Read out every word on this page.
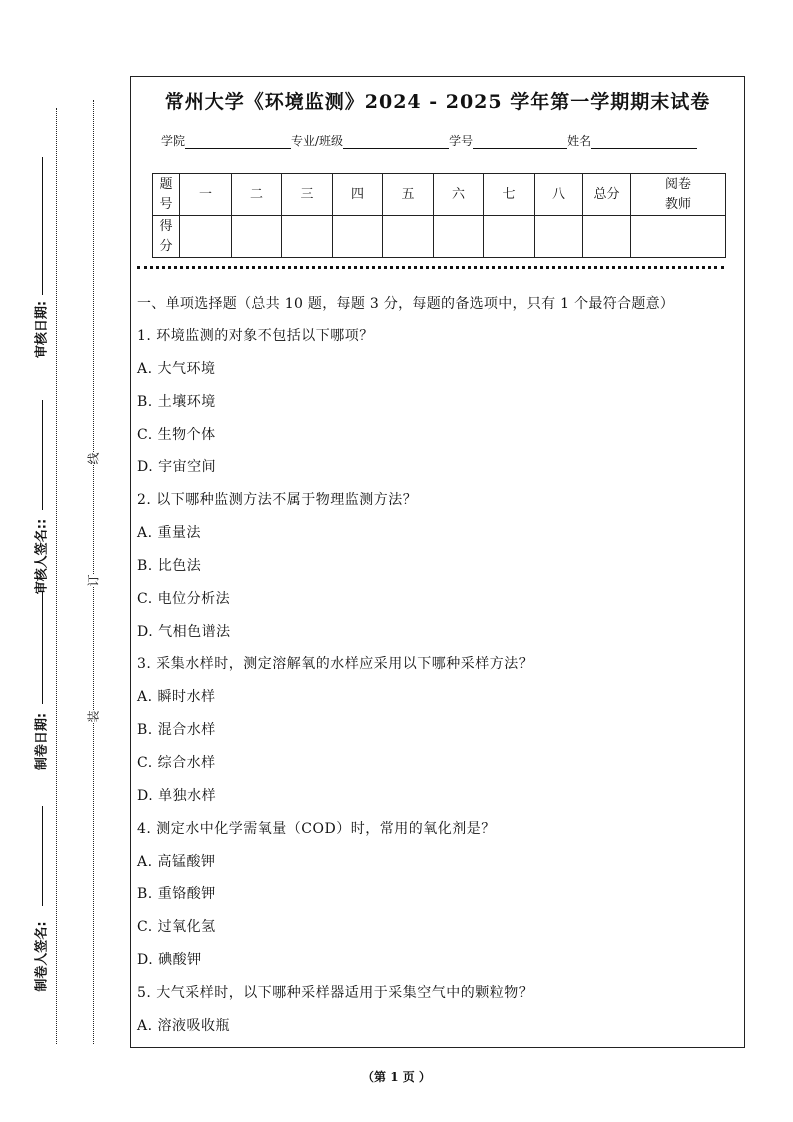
审核日期:
审核人签名::
制卷日期:
制卷人签名:
线
订
装
常州大学《环境监测》2024 - 2025 学年第一学期期末试卷
学院	专业/班级	学号	姓名
题号	一	二	三	四	五	六	七	八	总分	阅卷教师

得分										

一、单项选择题（总共 10 题，每题 3 分，每题的备选项中，只有 1 个最符合题意）
1. 环境监测的对象不包括以下哪项？
A. 大气环境
B. 土壤环境
C. 生物个体
D. 宇宙空间
2. 以下哪种监测方法不属于物理监测方法？
A. 重量法
B. 比色法
C. 电位分析法
D. 气相色谱法
3. 采集水样时，测定溶解氧的水样应采用以下哪种采样方法？
A. 瞬时水样
B. 混合水样
C. 综合水样
D. 单独水样
4. 测定水中化学需氧量（COD）时，常用的氧化剂是？
A. 高锰酸钾
B. 重铬酸钾
C. 过氧化氢
D. 碘酸钾
5. 大气采样时，以下哪种采样器适用于采集空气中的颗粒物？
A. 溶液吸收瓶
（第 1 页 ）
